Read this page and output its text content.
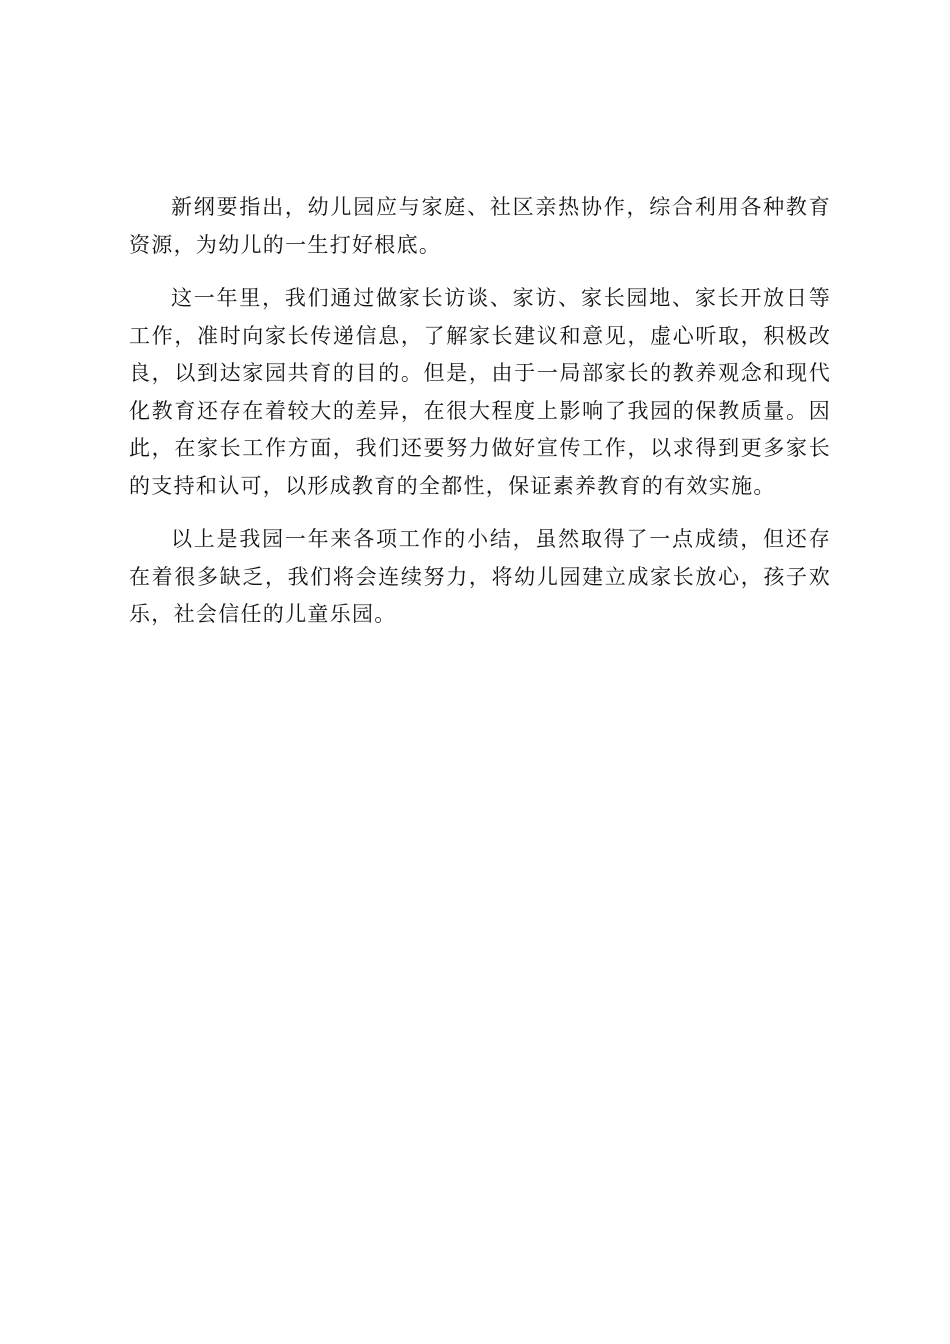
新纲要指出，幼儿园应与家庭、社区亲热协作，综合利用各种教育资源，为幼儿的一生打好根底。

这一年里，我们通过做家长访谈、家访、家长园地、家长开放日等工作，准时向家长传递信息，了解家长建议和意见，虚心听取，积极改良，以到达家园共育的目的。但是，由于一局部家长的教养观念和现代化教育还存在着较大的差异，在很大程度上影响了我园的保教质量。因此，在家长工作方面，我们还要努力做好宣传工作，以求得到更多家长的支持和认可，以形成教育的全都性，保证素养教育的有效实施。

以上是我园一年来各项工作的小结，虽然取得了一点成绩，但还存在着很多缺乏，我们将会连续努力，将幼儿园建立成家长放心，孩子欢乐，社会信任的儿童乐园。
